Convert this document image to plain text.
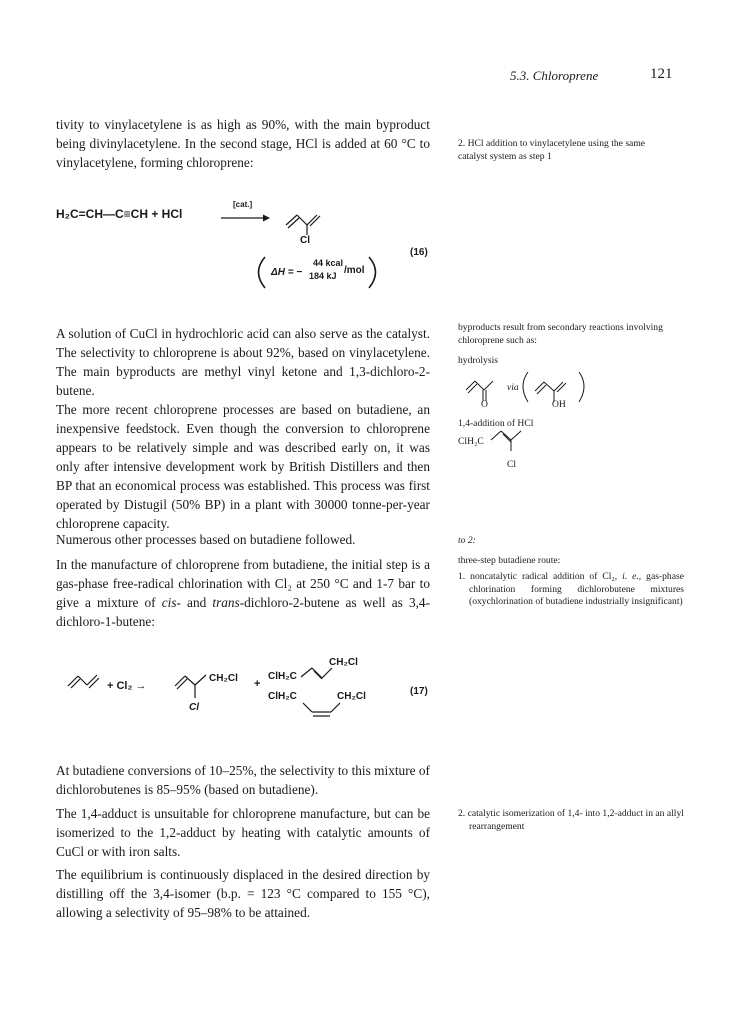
5.3. Chloroprene	121

tivity to vinylacetylene is as high as 90%, with the main byproduct being divinylacetylene. In the second stage, HCl is added at 60 °C to vinylacetylene, forming chloroprene:

H₂C=CH—C≡CH + HCl
[cat.]
(16)
Cl
ΔH = −
44 kcal
184 kJ /mol

A solution of CuCl in hydrochloric acid can also serve as the catalyst. The selectivity to chloroprene is about 92%, based on vinylacetylene. The main byproducts are methyl vinyl ketone and 1,3-dichloro-2-butene.

The more recent chloroprene processes are based on butadiene, an inexpensive feedstock. Even though the conversion to chloroprene appears to be relatively simple and was described early on, it was only after intensive development work by British Distillers and then BP that an economical process was established. This process was first operated by Distugil (50% BP) in a plant with 30000 tonne-per-year chloroprene capacity.

Numerous other processes based on butadiene followed.

In the manufacture of chloroprene from butadiene, the initial step is a gas-phase free-radical chlorination with Cl₂ at 250 °C and 1-7 bar to give a mixture of cis- and trans-dichloro-2-butene as well as 3,4-dichloro-1-butene:

(17)
+ Cl₂ →
CH₂Cl +
Cl
ClH₂C
CH₂Cl
ClH₂C	CH₂Cl

At butadiene conversions of 10–25%, the selectivity to this mixture of dichlorobutenes is 85–95% (based on butadiene).

The 1,4-adduct is unsuitable for chloroprene manufacture, but can be isomerized to the 1,2-adduct by heating with catalytic amounts of CuCl or with iron salts.

The equilibrium is continuously displaced in the desired direction by distilling off the 3,4-isomer (b.p. = 123 °C compared to 155 °C), allowing a selectivity of 95–98% to be attained.

2. HCl addition to vinylacetylene using the same catalyst system as step 1

byproducts result from secondary reactions involving chloroprene such as:

hydrolysis

via
O	OH

1,4-addition of HCl

ClH₂C
Cl

to 2:

three-step butadiene route:

1. noncatalytic radical addition of Cl₂, i. e., gas-phase chlorination forming dichlorobutene mixtures (oxychlorination of butadiene industrially insignificant)

2. catalytic isomerization of 1,4- into 1,2-adduct in an allyl rearrangement
